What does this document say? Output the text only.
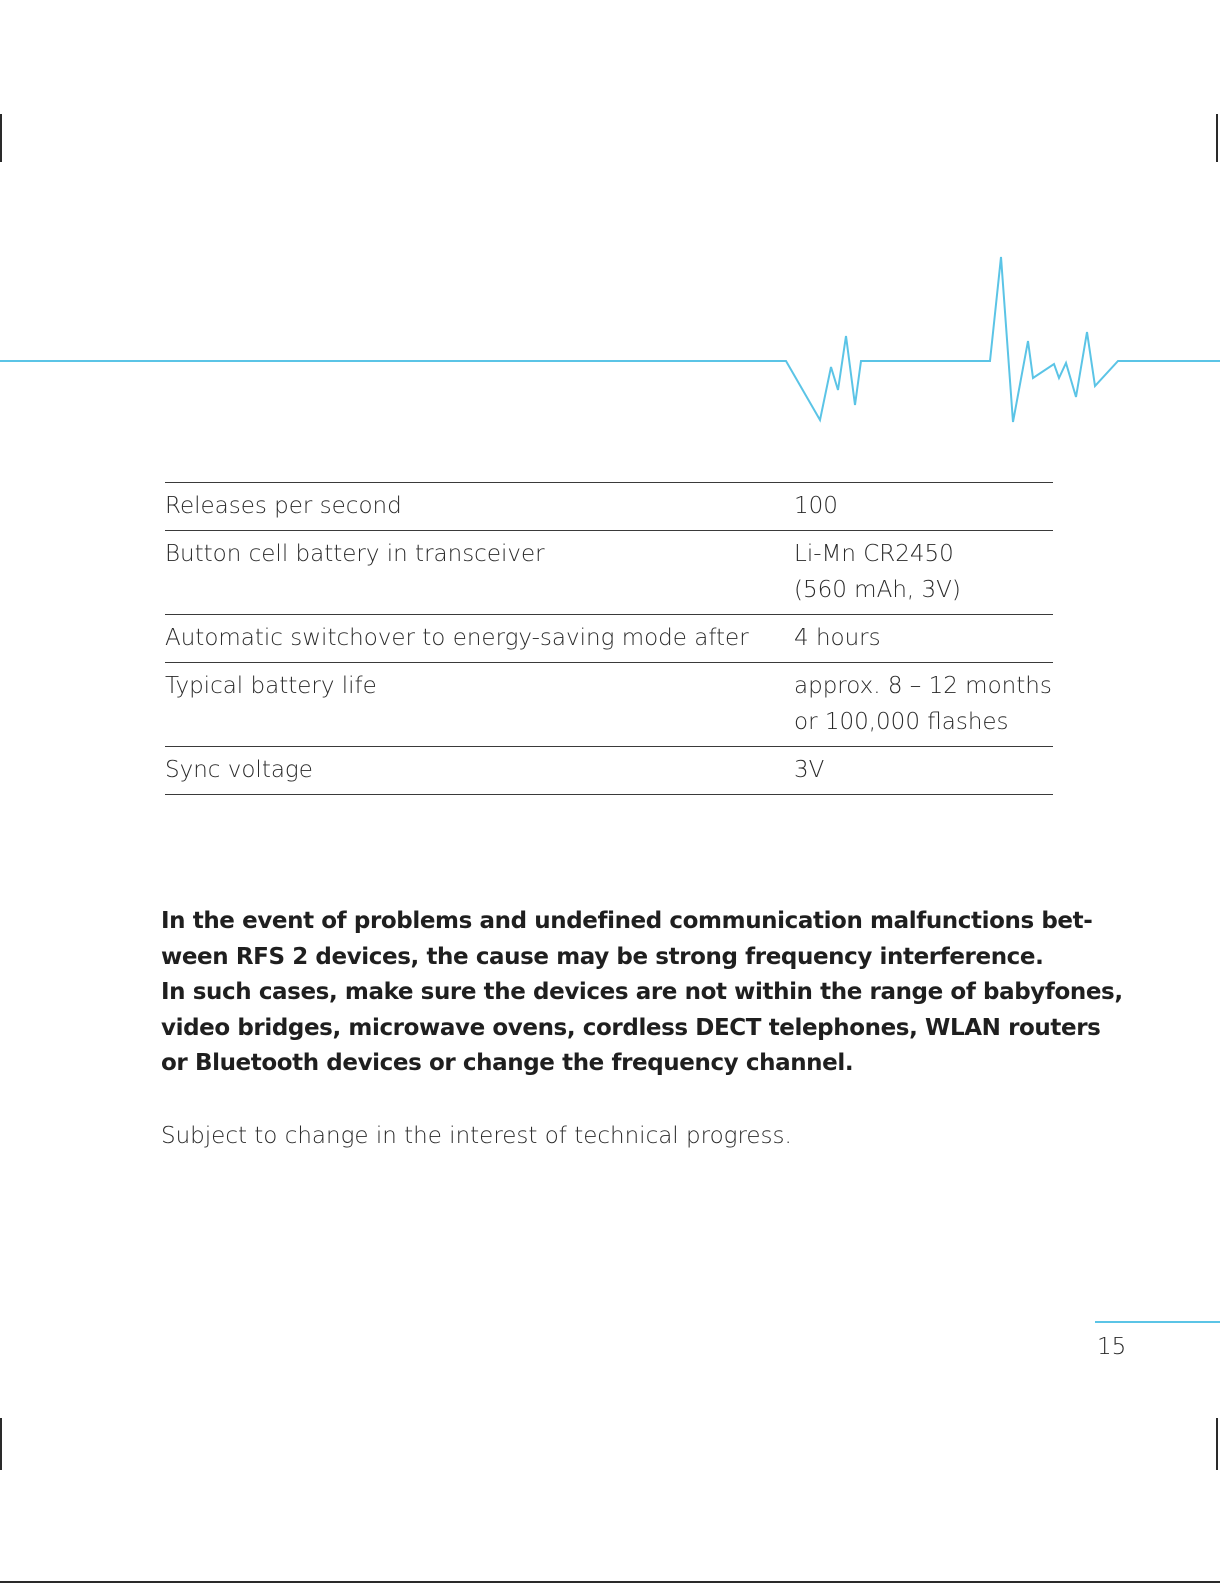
Releases per second	100

Button cell battery in transceiver	Li-Mn CR2450
(560 mAh, 3V)

Automatic switchover to energy-saving mode after	4 hours

Typical battery life	approx. 8 – 12 months
or 100,000 flashes

Sync voltage	3V

In the event of problems and undefined communication malfunctions bet-
ween RFS 2 devices, the cause may be strong frequency interference.
In such cases, make sure the devices are not within the range of babyfones,
video bridges, microwave ovens, cordless DECT telephones, WLAN routers
or Bluetooth devices or change the frequency channel.

Subject to change in the interest of technical progress.

15
